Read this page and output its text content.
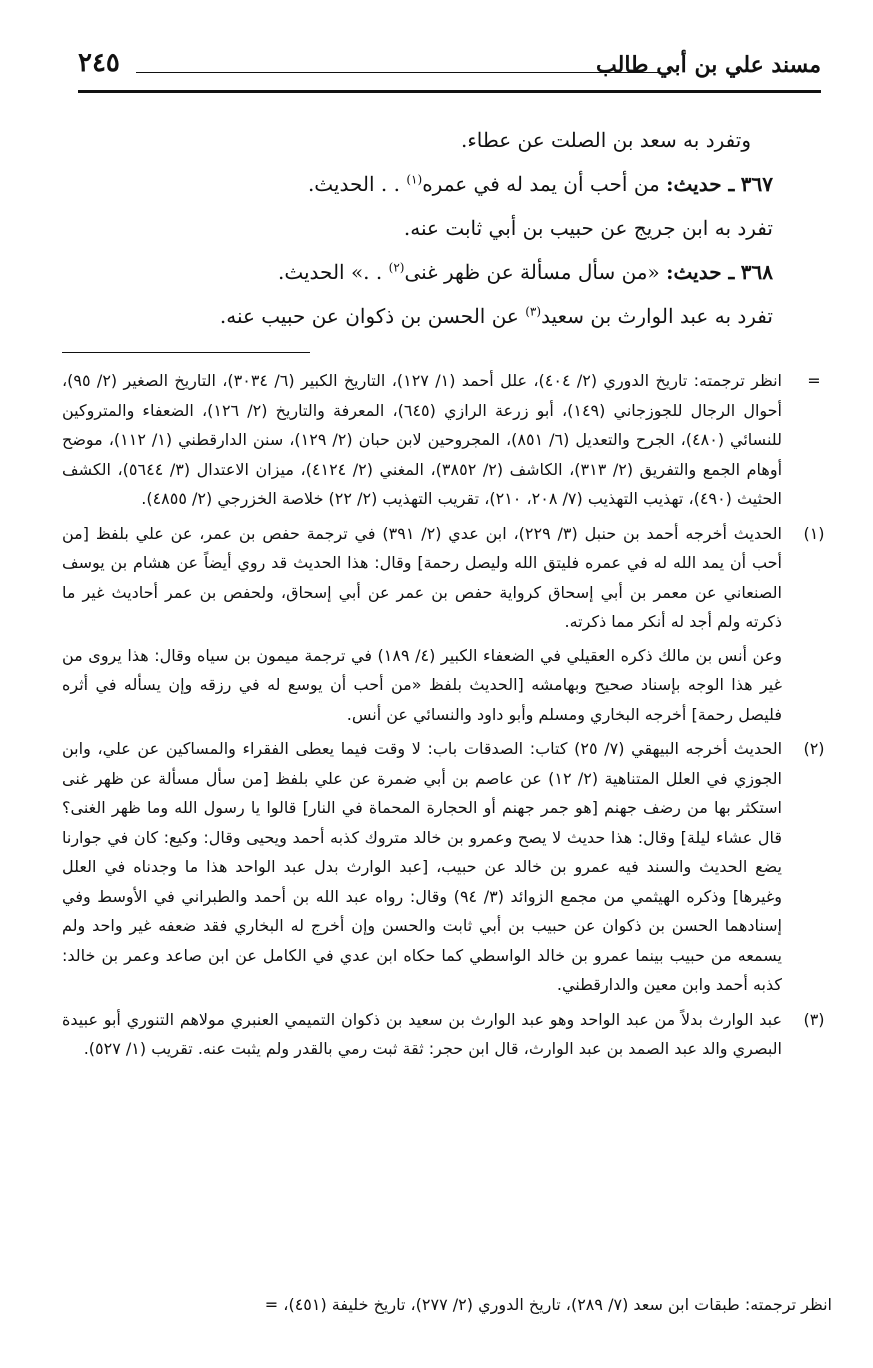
مسند علي بن أبي طالب
٢٤٥

وتفرد به سعد بن الصلت عن عطاء.

٣٦٧ ـ حديث: من أحب أن يمد له في عمره$^{(١)}$ . . الحديث.

تفرد به ابن جريج عن حبيب بن أبي ثابت عنه.

٣٦٨ ـ حديث: «من سأل مسألة عن ظهر غنى$^{(٢)}$ . .» الحديث.

تفرد به عبد الوارث بن سعيد$^{(٣)}$ عن الحسن بن ذكوان عن حبيب عنه.

=

انظر ترجمته: تاريخ الدوري (٢/ ٤٠٤)، علل أحمد (١/ ١٢٧)، التاريخ الكبير (٦/ ٣٠٣٤)، التاريخ الصغير (٢/ ٩٥)، أحوال الرجال للجوزجاني (١٤٩)، أبو زرعة الرازي (٦٤٥)، المعرفة والتاريخ (٢/ ١٢٦)، الضعفاء والمتروكين للنسائي (٤٨٠)، الجرح والتعديل (٦/ ٨٥١)، المجروحين لابن حبان (٢/ ١٢٩)، سنن الدارقطني (١/ ١١٢)، موضح أوهام الجمع والتفريق (٢/ ٣١٣)، الكاشف (٢/ ٣٨٥٢)، المغني (٢/ ٤١٢٤)، ميزان الاعتدال (٣/ ٥٦٤٤)، الكشف الحثيث (٤٩٠)، تهذيب التهذيب (٧/ ٢٠٨، ٢١٠)، تقريب التهذيب (٢/ ٢٢) خلاصة الخزرجي (٢/ ٤٨٥٥).

(١)

الحديث أخرجه أحمد بن حنبل (٣/ ٢٢٩)، ابن عدي (٢/ ٣٩١) في ترجمة حفص بن عمر، عن علي بلفظ [من أحب أن يمد الله له في عمره فليتق الله وليصل رحمة] وقال: هذا الحديث قد روي أيضاً عن هشام بن يوسف الصنعاني عن معمر بن أبي إسحاق كرواية حفص بن عمر عن أبي إسحاق، ولحفص بن عمر أحاديث غير ما ذكرته ولم أجد له أنكر مما ذكرته.

وعن أنس بن مالك ذكره العقيلي في الضعفاء الكبير (٤/ ١٨٩) في ترجمة ميمون بن سياه وقال: هذا يروى من غير هذا الوجه بإسناد صحيح وبهامشه [الحديث بلفظ «من أحب أن يوسع له في رزقه وإن يسأله في أثره فليصل رحمة] أخرجه البخاري ومسلم وأبو داود والنسائي عن أنس.

(٢)

الحديث أخرجه البيهقي (٧/ ٢٥) كتاب: الصدقات باب: لا وقت فيما يعطى الفقراء والمساكين عن علي، وابن الجوزي في العلل المتناهية (٢/ ١٢) عن عاصم بن أبي ضمرة عن علي بلفظ [من سأل مسألة عن ظهر غنى استكثر بها من رضف جهنم [هو جمر جهنم أو الحجارة المحماة في النار] قالوا يا رسول الله وما ظهر الغنى؟ قال عشاء ليلة] وقال: هذا حديث لا يصح وعمرو بن خالد متروك كذبه أحمد ويحيى وقال: وكيع: كان في جوارنا يضع الحديث والسند فيه عمرو بن خالد عن حبيب، [عبد الوارث بدل عبد الواحد هذا ما وجدناه في العلل وغيرها] وذكره الهيثمي من مجمع الزوائد (٣/ ٩٤) وقال: رواه عبد الله بن أحمد والطبراني في الأوسط وفي إسنادهما الحسن بن ذكوان عن حبيب بن أبي ثابت والحسن وإن أخرج له البخاري فقد ضعفه غير واحد ولم يسمعه من حبيب بينما عمرو بن خالد الواسطي كما حكاه ابن عدي في الكامل عن ابن صاعد وعمر بن خالد: كذبه أحمد وابن معين والدارقطني.

(٣)

عبد الوارث بدلاً من عبد الواحد وهو عبد الوارث بن سعيد بن ذكوان التميمي العنبري مولاهم التنوري أبو عبيدة البصري والد عبد الصمد بن عبد الوارث، قال ابن حجر: ثقة ثبت رمي بالقدر ولم يثبت عنه. تقريب (١/ ٥٢٧).

انظر ترجمته: طبقات ابن سعد (٧/ ٢٨٩)، تاريخ الدوري (٢/ ٢٧٧)، تاريخ خليفة (٤٥١)، =
